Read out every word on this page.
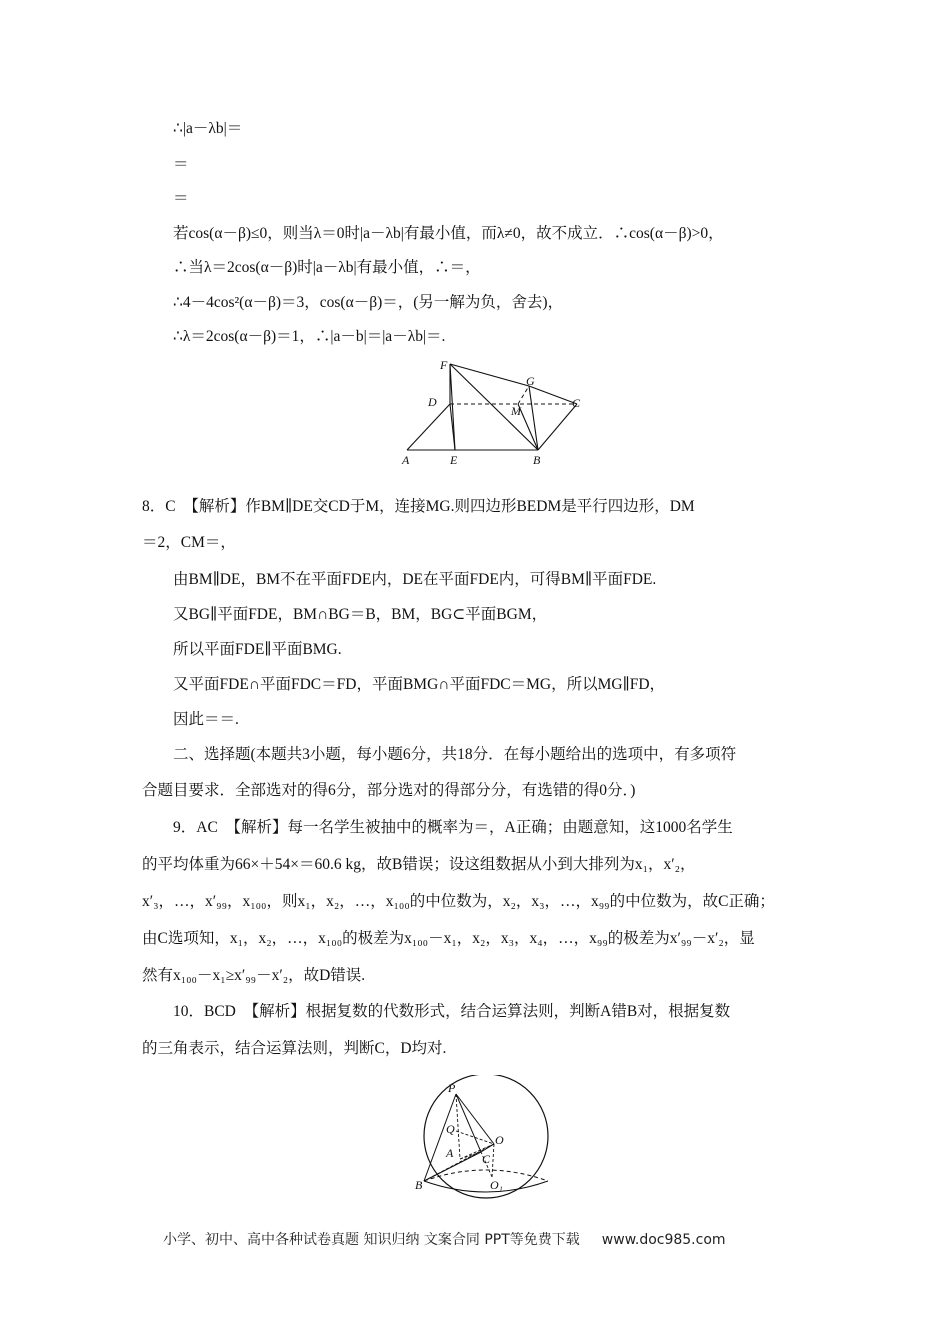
∴|a－λb|＝
＝
＝
若cos(α－β)≤0，则当λ＝0时|a－λb|有最小值，而λ≠0，故不成立．∴cos(α－β)>0，
∴当λ＝2cos(α－β)时|a－λb|有最小值，∴＝，
∴4－4cos²(α－β)＝3，cos(α－β)＝，(另一解为负，舍去)，
∴λ＝2cos(α－β)＝1，∴|a－b|＝|a－λb|＝.
F
G
D
M
C
A	E	B
8．C　【解析】作BM∥DE交CD于M，连接MG.则四边形BEDM是平行四边形，DM
＝2，CM＝，
由BM∥DE，BM不在平面FDE内，DE在平面FDE内，可得BM∥平面FDE.
又BG∥平面FDE，BM∩BG＝B，BM，BG⊂平面BGM，
所以平面FDE∥平面BMG.
又平面FDE∩平面FDC＝FD，平面BMG∩平面FDC＝MG，所以MG∥FD，
因此＝＝.
二、选择题(本题共3小题，每小题6分，共18分．在每小题给出的选项中，有多项符
合题目要求．全部选对的得6分，部分选对的得部分分，有选错的得0分．)
9．AC　【解析】每一名学生被抽中的概率为＝，A正确；由题意知，这1000名学生
的平均体重为66×＋54×＝60.6 kg，故B错误；设这组数据从小到大排列为x₁，x′₂，
x′₃，…，x′₉₉，x₁₀₀，则x₁，x₂，…，x₁₀₀的中位数为，x₂，x₃，…，x₉₉的中位数为，故C正确；
由C选项知，x₁，x₂，…，x₁₀₀的极差为x₁₀₀－x₁，x₂，x₃，x₄，…，x₉₉的极差为x′₉₉－x′₂，显
然有x₁₀₀－x₁≥x′₉₉－x′₂，故D错误.
10．BCD　【解析】根据复数的代数形式，结合运算法则，判断A错B对，根据复数
的三角表示，结合运算法则，判断C，D均对.
P
Q
O
A C
B	O₁
小学、初中、高中各种试卷真题 知识归纳 文案合同 PPT等免费下载 www.doc985.com
